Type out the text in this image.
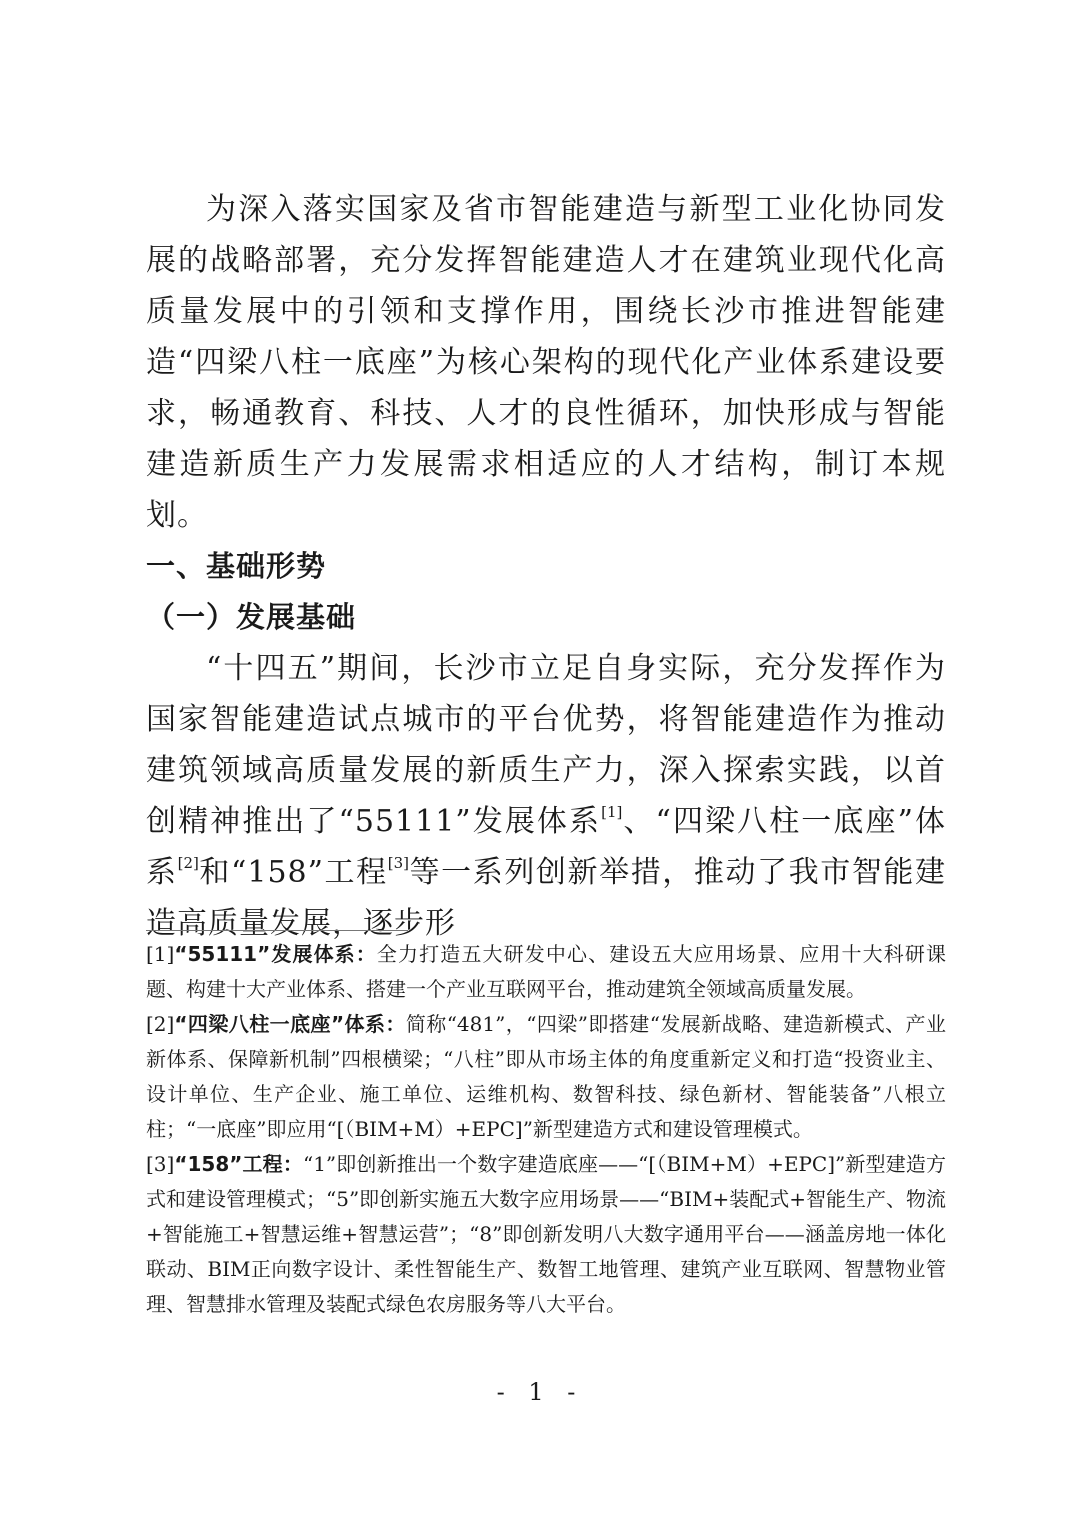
为深入落实国家及省市智能建造与新型工业化协同发展的战略部署，充分发挥智能建造人才在建筑业现代化高质量发展中的引领和支撑作用，围绕长沙市推进智能建造“四梁八柱一底座”为核心架构的现代化产业体系建设要求，畅通教育、科技、人才的良性循环，加快形成与智能建造新质生产力发展需求相适应的人才结构，制订本规划。

一、基础形势

（一）发展基础

“十四五”期间，长沙市立足自身实际，充分发挥作为国家智能建造试点城市的平台优势，将智能建造作为推动建筑领域高质量发展的新质生产力，深入探索实践，以首创精神推出了“55111”发展体系[1]、“四梁八柱一底座”体系[2]和“158”工程[3]等一系列创新举措，推动了我市智能建造高质量发展，逐步形

[1]“55111”发展体系：全力打造五大研发中心、建设五大应用场景、应用十大科研课题、构建十大产业体系、搭建一个产业互联网平台，推动建筑全领域高质量发展。

[2]“四梁八柱一底座”体系：简称“481”，“四梁”即搭建“发展新战略、建造新模式、产业新体系、保障新机制”四根横梁；“八柱”即从市场主体的角度重新定义和打造“投资业主、设计单位、生产企业、施工单位、运维机构、数智科技、绿色新材、智能装备”八根立柱；“一底座”即应用“[（BIM+M）+EPC]”新型建造方式和建设管理模式。

[3]“158”工程：“1”即创新推出一个数字建造底座——“[（BIM+M）+EPC]”新型建造方式和建设管理模式；“5”即创新实施五大数字应用场景——“BIM+装配式+智能生产、物流+智能施工+智慧运维+智慧运营”；“8”即创新发明八大数字通用平台——涵盖房地一体化联动、BIM正向数字设计、柔性智能生产、数智工地管理、建筑产业互联网、智慧物业管理、智慧排水管理及装配式绿色农房服务等八大平台。

- 1 -
